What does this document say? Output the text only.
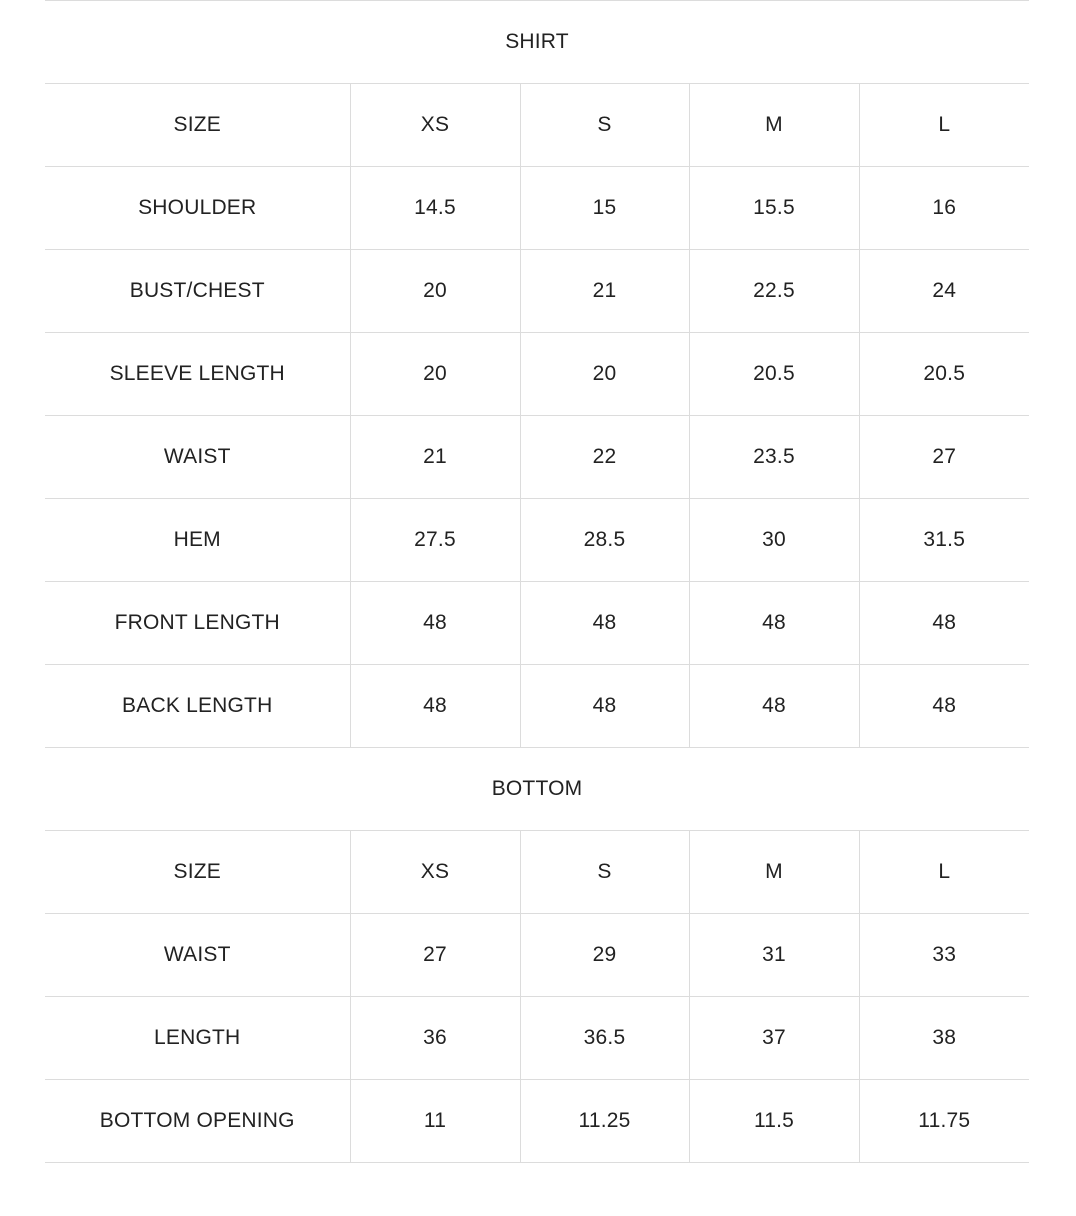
SHIRT				
SIZE	XS	S	M	L
SHOULDER	14.5	15	15.5	16
BUST/CHEST	20	21	22.5	24
SLEEVE LENGTH	20	20	20.5	20.5
WAIST	21	22	23.5	27
HEM	27.5	28.5	30	31.5
FRONT LENGTH	48	48	48	48
BACK LENGTH	48	48	48	48
BOTTOM				
SIZE	XS	S	M	L
WAIST	27	29	31	33
LENGTH	36	36.5	37	38
BOTTOM OPENING	11	11.25	11.5	11.75
